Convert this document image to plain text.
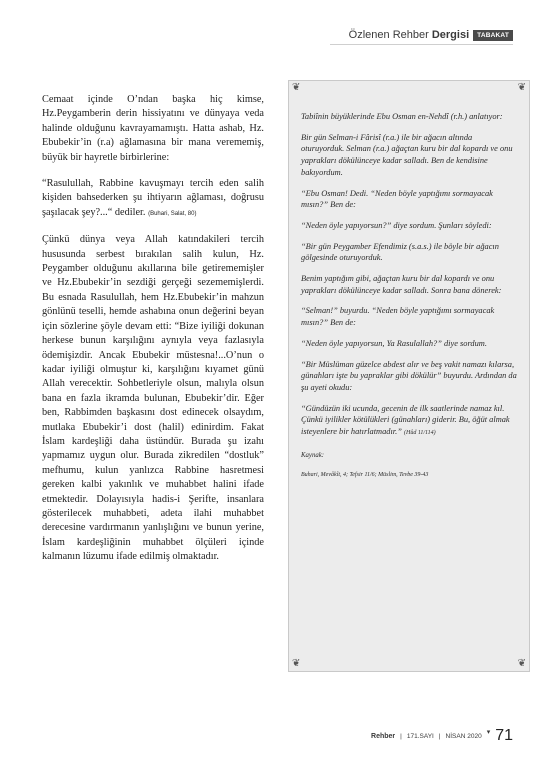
Özlenen Rehber Dergisi	TABAKAT

Cemaat içinde O’ndan başka hiç kimse, Hz.Peygamberin derin hissiyatını ve dünyaya veda halinde olduğunu kavrayamamıştı. Hatta ashab, Hz. Ebubekir’in (r.a) ağlamasına bir mana verememiş, büyük bir hayretle birbirlerine:

“Rasulullah, Rabbine kavuşmayı tercih eden salih kişiden bahsederken şu ihtiyarın ağlaması, doğrusu şaşılacak şey?...“ dediler. (Buhari, Salat, 80)

Çünkü dünya veya Allah katındakileri tercih hususunda serbest bırakılan salih kulun, Hz. Peygamber olduğunu akıllarına bile getirememişler ve Hz.Ebubekir’in sezdiği gerçeği sezememişlerdi. Bu esnada Rasulullah, hem Hz.Ebubekir’in mahzun gönlünü teselli, hemde ashabına onun değerini beyan için sözlerine şöyle devam etti: “Bize iyiliği dokunan herkese bunun karşılığını aynıyla veya fazlasıyla ödemişizdir. Ancak Ebubekir müstesna!...O’nun o kadar iyiliği olmuştur ki, karşılığını kıyamet günü Allah verecektir. Sohbetleriyle olsun, malıyla olsun bana en fazla ikramda bulunan, Ebubekir’dir. Eğer ben, Rabbimden başkasını dost edinecek olsaydım, mutlaka Ebubekir’i dost (halil) edinirdim. Fakat İslam kardeşliği daha üstündür. Burada şu izahı yapmamız uygun olur. Burada zikredilen “dostluk” mefhumu, kulun yanlızca Rabbine hasretmesi gereken kalbi yakınlık ve muhabbet halini ifade etmektedir. Dolayısıyla hadis-i Şerifte, insanlara gösterilecek muhabbeti, adeta ilahi muhabbet derecesine vardırmanın yanlışlığını ve bunun yerine, İslam kardeşliğinin muhabbet ölçüleri içinde kalmanın lüzumu ifade edilmiş olmaktadır.

❦	❦
❦	❦

Tabiînin büyüklerinde Ebu Osman en-Nehdî (r.h.) anlatıyor:

Bir gün Selman-i Fârisî (r.a.) ile bir ağacın altında oturuyorduk. Selman (r.a.) ağaçtan kuru bir dal kopardı ve onu yaprakları dökülünceye kadar salladı. Ben de kendisine bakıyordum.

“Ebu Osman! Dedi. “Neden böyle yaptığımı sormayacak mısın?” Ben de:

“Neden öyle yapıyorsun?” diye sordum. Şunları söyledi:

“Bir gün Peygamber Efendimiz (s.a.s.) ile böyle bir ağacın gölgesinde oturuyorduk.

Benim yaptığım gibi, ağaçtan kuru bir dal kopardı ve onu yaprakları dökülünceye kadar salladı. Sonra bana dönerek:

“Selman!” buyurdu. “Neden böyle yaptığımı sormayacak mısın?” Ben de:

“Neden öyle yapıyorsun, Ya Rasulallah?” diye sordum.

“Bir Müslüman güzelce abdest alır ve beş vakit namazı kılarsa, günahları işte bu yapraklar gibi dökülür” buyurdu. Ardından da şu ayeti okudu:

“Gündüzün iki ucunda, gecenin de ilk saatlerinde namaz kıl. Çünkü iyilikler kötülükleri (günahları) giderir. Bu, öğüt almak isteyenlere bir hatırlatmadır.” (Hûd 11/114)

Kaynak:

Buhari, Mevâkît, 4; Tefsir 11/6; Müslim, Tevbe 39-43

Rehber | 171.SAYI | NİSAN 2020 ▾ 71
